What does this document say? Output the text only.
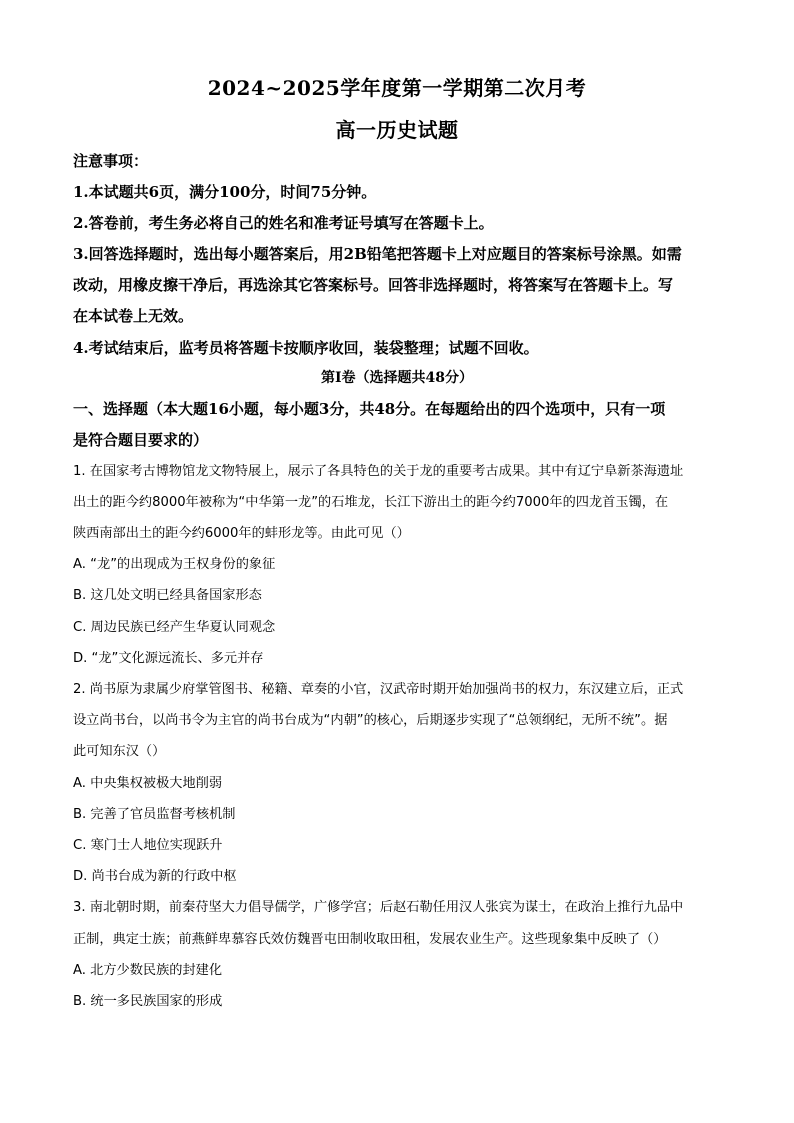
2024~2025学年度第一学期第二次月考
高一历史试题
注意事项：
1.本试题共6页，满分100分，时间75分钟。
2.答卷前，考生务必将自己的姓名和准考证号填写在答题卡上。
3.回答选择题时，选出每小题答案后，用2B铅笔把答题卡上对应题目的答案标号涂黑。如需
改动，用橡皮擦干净后，再选涂其它答案标号。回答非选择题时，将答案写在答题卡上。写
在本试卷上无效。
4.考试结束后，监考员将答题卡按顺序收回，装袋整理；试题不回收。
第Ⅰ卷（选择题共48分）
一、选择题（本大题16小题，每小题3分，共48分。在每题给出的四个选项中，只有一项
是符合题目要求的）
1. 在国家考古博物馆龙文物特展上，展示了各具特色的关于龙的重要考古成果。其中有辽宁阜新茶海遗址
出土的距今约8000年被称为“中华第一龙”的石堆龙，长江下游出土的距今约7000年的四龙首玉镯，在
陕西南部出土的距今约6000年的蚌形龙等。由此可见（）
A. “龙”的出现成为王权身份的象征
B. 这几处文明已经具备国家形态
C. 周边民族已经产生华夏认同观念
D. “龙”文化源远流长、多元并存
2. 尚书原为隶属少府掌管图书、秘籍、章奏的小官，汉武帝时期开始加强尚书的权力，东汉建立后，正式
设立尚书台，以尚书令为主官的尚书台成为“内朝”的核心，后期逐步实现了“总领纲纪，无所不统”。据
此可知东汉（）
A. 中央集权被极大地削弱
B. 完善了官员监督考核机制
C. 寒门士人地位实现跃升
D. 尚书台成为新的行政中枢
3. 南北朝时期，前秦苻坚大力倡导儒学，广修学宫；后赵石勒任用汉人张宾为谋士，在政治上推行九品中
正制，典定士族；前燕鲜卑慕容氏效仿魏晋屯田制收取田租，发展农业生产。这些现象集中反映了（）
A. 北方少数民族的封建化
B. 统一多民族国家的形成
